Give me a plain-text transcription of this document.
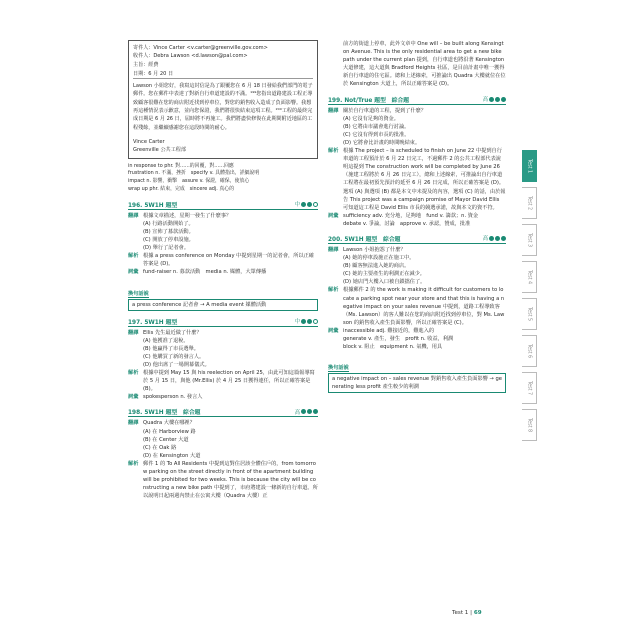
寄件人：Vince Carter <v.carter@greenville.gov.com>
收件人：Debra Lawson <d.lawson@pal.com>
主旨：經費
日期：6 月 20 日
Lawson 小姐您好，我寫這封信是為了跟覆您在 6 月 18 日發給我們部門的電子郵件。您在郵件中表達了對新自行車道建設的不滿。¹⁹⁹您指出道路建設工程正導致顧客很難在您的商店附近找到停車位，對您的銷售收入造成了負面影響。我想再這種情況表示歉意，並向您保證，我們將很快結束這項工程。²⁰⁰工程的最終完成日期是 6 月 26 日，屆時將不再施工。我們將盡快修復在此期間附近地區的工程殘餘，並繼續感謝您在這段時間的耐心。
Vince Carter
Greenville 公共工程部
in response to phr. 對……的回覆，對……回應
frustration n. 不滿，挫折　specify v. 具體指出，詳細說明
impact n. 影響，衝擊　assure v. 保證，確保，使放心
wrap up phr. 結束，完成　sincere adj. 真心的
196. 5W1H 題型	中
翻譯 根據文章描述，星期一發生了什麼事？
(A) 行路活動開始了。
(B) 宣佈了募款活動。
(C) 開放了停車設施。
(D) 舉行了記者會。
解析 根據 a press conference on Monday 中提到星期一的記者會，所以正確答案是 (D)。
詞彙 fund-raiser n. 募款活動　media n. 媒體，大眾傳播
換句話說
a press conference 記者會 → A media event 媒體活動
197. 5W1H 題型	中
翻譯 Ellis 先生最近做了什麼？
(A) 他獲准了退稅。
(B) 他贏得了市長選舉。
(C) 他購買了新的發言人。
(D) 他出席了一場開幕儀式。
解析 根據中提到 May 15 與 his reelection on April 25，由此可知這篇報導寫於 5 月 15 日，與他 (Mr.Ellis) 於 4 月 25 日獲得連任，所以正確答案是 (B)。
詞彙 spokesperson n. 發言人
198. 5W1H 題型　綜合題	高
翻譯 Quadra 大樓在哪裡？
(A) 在 Harborview 路
(B) 在 Center 大道
(C) 在 Oak 路
(D) 在 Kensington 大道
解析 郵件 1 的 To All Residents 中提到這對住居該全體住戶的，from tomorrow parking on the street directly in front of the apartment building will be prohibited for two weeks. This is because the city will be constructing a new bike path 中提到了，市府將建設一條新的自行車道。所以說明日起兩週內禁止在公寓大樓（Quadra 大樓）正
前方的街道上停車，此外文章中 One will – be built along Kensington Avenue. This is the only residential area to get a new bike path under the current plan 提到，自行車道也將沿著 Kensington 大道修建，這大道與 Bradford Heights 社區，是目前計畫中唯一獲得新自行車道的住宅區。總和上述線索，可推論出 Quadra 大樓就位在位於 Kensington 大道上，所以正確答案是 (D)。
199. Not/True 題型　綜合題	高
翻譯 關於自行車道的工程，提到了什麼？
(A) 它沒有足夠的資金。
(B) 它將由市議會進行討論。
(C) 它沒有得到市長的批准。
(D) 它將會比計畫的時間晚結束。
解析 根據 The project – is scheduled to finish on June 22 中提到自行車道的工程預計於 6 月 22 日完工，不過郵件 2 的公共工程部代表說明這提到 The construction work will be completed by June 26（施建工程將於 6 月 26 日完工），總和上述線索，可推論出自行車道工程將在最初預先預計的延至 6 月 26 日完成，所以正確答案是 (D)。選項 (A) 與選項 (B) 都是本文中未提及的內容，選項 (C) 的話，由於報告 This project was a campaign promise of Mayor David Ellis 可知道這工程是 David Ellis 市長的競選承諾，故與本文的資不符。
詞彙 sufficiency adv. 充分地，足夠地　fund v. 籌款；n. 資金
debate v. 爭論，討論　approve v. 承認，贊成，批准
200. 5W1H 題型　綜合題	高
翻譯 Lawson 小姐抱怨了什麼？
(A) 她的停車設施正在施工中。
(B) 顧客無法進入她的商店。
(C) 她的主要產生的利潤正在減少。
(D) 她店門大樓入口被自鎖擋住了。
解析 根據郵件 2 的 the work is making it difficult for customers to locate a parking spot near your store and that this is having a negative impact on your sales revenue 中提到，道路工程導致客（Ms. Lawson）的客人難以在您的商店附近找到停車位，對 Ms. Lawson 的銷售收入產生負面影響，所以正確答案是 (C)。
詞彙 inaccessible adj. 難接近的，難進入的
generate v. 產生，發生　profit n. 收益，利潤
block v. 阻止　equipment n. 氣機，用具
換句話說
a negative impact on – sales revenue 對銷售收入產生負面影響 → generating less profit 產生較少的利潤
Test 1
Test 2
Test 3
Test 4
Test 5
Test 6
Test 7
Test 8
Test 1 | 69
